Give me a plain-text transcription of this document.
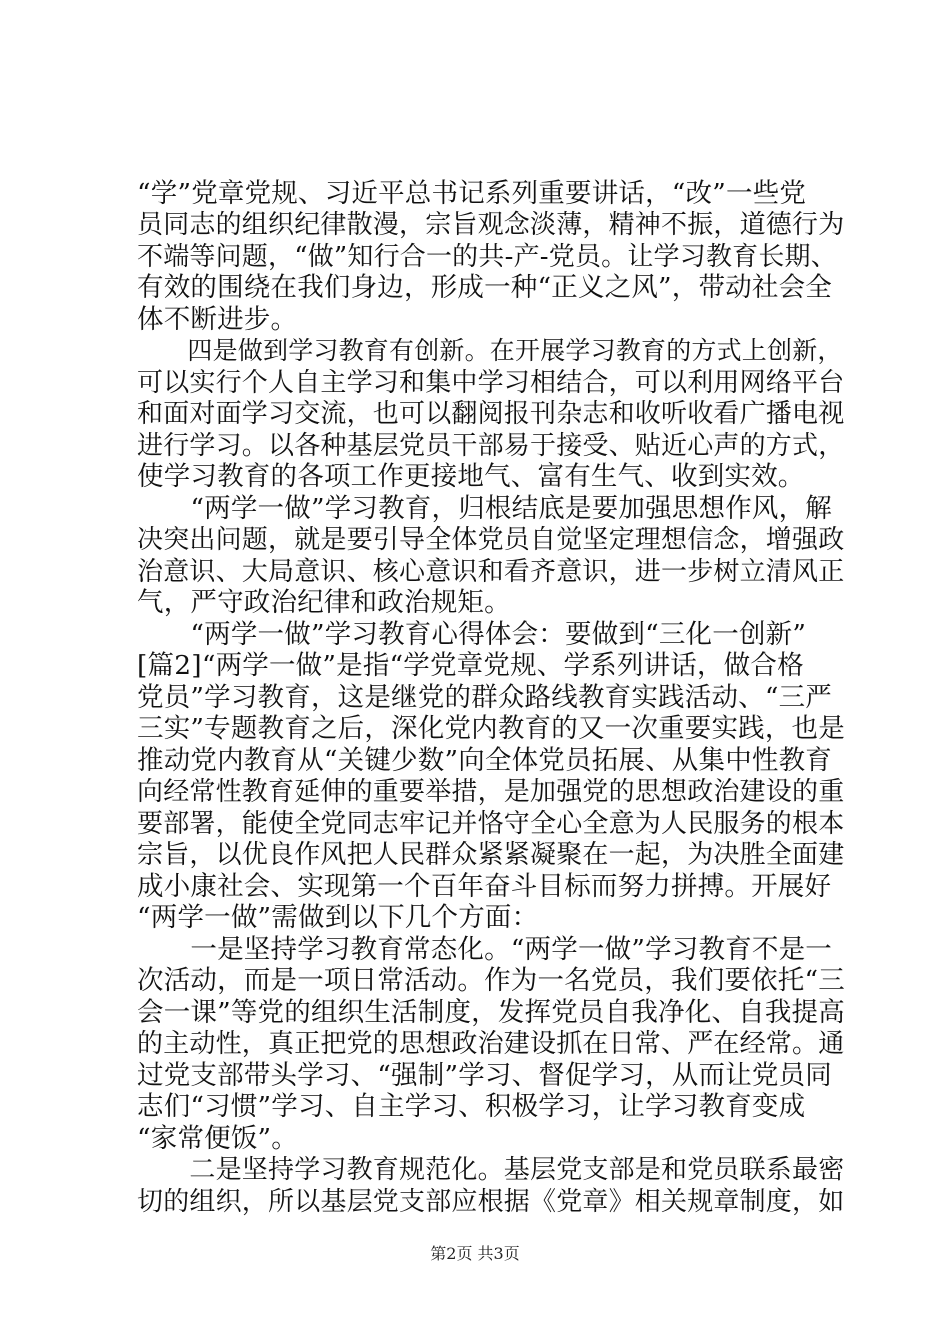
“学”党章党规、习近平总书记系列重要讲话，“改”一些党
员同志的组织纪律散漫，宗旨观念淡薄，精神不振，道德行为
不端等问题，“做”知行合一的共-产-党员。让学习教育长期、
有效的围绕在我们身边，形成一种“正义之风”，带动社会全
体不断进步。
　　四是做到学习教育有创新。在开展学习教育的方式上创新，
可以实行个人自主学习和集中学习相结合，可以利用网络平台
和面对面学习交流，也可以翻阅报刊杂志和收听收看广播电视
进行学习。以各种基层党员干部易于接受、贴近心声的方式，
使学习教育的各项工作更接地气、富有生气、收到实效。
　　“两学一做”学习教育，归根结底是要加强思想作风，解
决突出问题，就是要引导全体党员自觉坚定理想信念，增强政
治意识、大局意识、核心意识和看齐意识，进一步树立清风正
气，严守政治纪律和政治规矩。
　　“两学一做”学习教育心得体会：要做到“三化一创新”
[篇2]“两学一做”是指“学党章党规、学系列讲话，做合格
党员”学习教育，这是继党的群众路线教育实践活动、“三严
三实”专题教育之后，深化党内教育的又一次重要实践，也是
推动党内教育从“关键少数”向全体党员拓展、从集中性教育
向经常性教育延伸的重要举措，是加强党的思想政治建设的重
要部署，能使全党同志牢记并恪守全心全意为人民服务的根本
宗旨，以优良作风把人民群众紧紧凝聚在一起，为决胜全面建
成小康社会、实现第一个百年奋斗目标而努力拼搏。开展好
“两学一做”需做到以下几个方面：
　　一是坚持学习教育常态化。“两学一做”学习教育不是一
次活动，而是一项日常活动。作为一名党员，我们要依托“三
会一课”等党的组织生活制度，发挥党员自我净化、自我提高
的主动性，真正把党的思想政治建设抓在日常、严在经常。通
过党支部带头学习、“强制”学习、督促学习，从而让党员同
志们“习惯”学习、自主学习、积极学习，让学习教育变成
“家常便饭”。
　　二是坚持学习教育规范化。基层党支部是和党员联系最密
切的组织，所以基层党支部应根据《党章》相关规章制度，如
第2页 共3页
